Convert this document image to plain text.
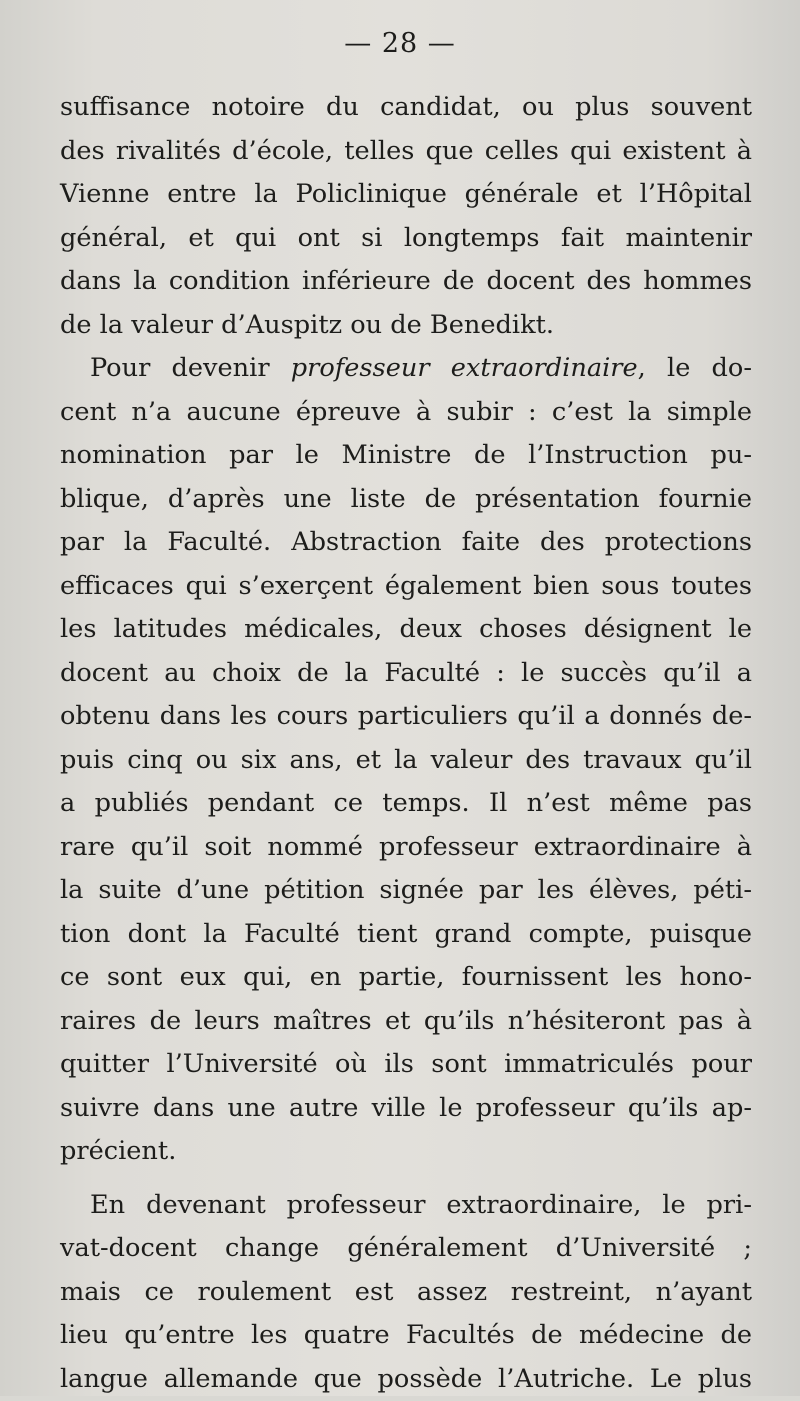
— 28 —
suffisance notoire du candidat, ou plus souvent
des rivalités d’école, telles que celles qui existent à
Vienne entre la Policlinique générale et l’Hôpital
général, et qui ont si longtemps fait maintenir
dans la condition inférieure de docent des hommes
de la valeur d’Auspitz ou de Benedikt.
Pour devenir professeur extraordinaire, le do-
cent n’a aucune épreuve à subir : c’est la simple
nomination par le Ministre de l’Instruction pu-
blique, d’après une liste de présentation fournie
par la Faculté. Abstraction faite des protections
efficaces qui s’exerçent également bien sous toutes
les latitudes médicales, deux choses désignent le
docent au choix de la Faculté : le succès qu’il a
obtenu dans les cours particuliers qu’il a donnés de-
puis cinq ou six ans, et la valeur des travaux qu’il
a publiés pendant ce temps. Il n’est même pas
rare qu’il soit nommé professeur extraordinaire à
la suite d’une pétition signée par les élèves, péti-
tion dont la Faculté tient grand compte, puisque
ce sont eux qui, en partie, fournissent les hono-
raires de leurs maîtres et qu’ils n’hésiteront pas à
quitter l’Université où ils sont immatriculés pour
suivre dans une autre ville le professeur qu’ils ap-
précient.
En devenant professeur extraordinaire, le pri-
vat-docent change généralement d’Université ;
mais ce roulement est assez restreint, n’ayant
lieu qu’entre les quatre Facultés de médecine de
langue allemande que possède l’Autriche. Le plus
